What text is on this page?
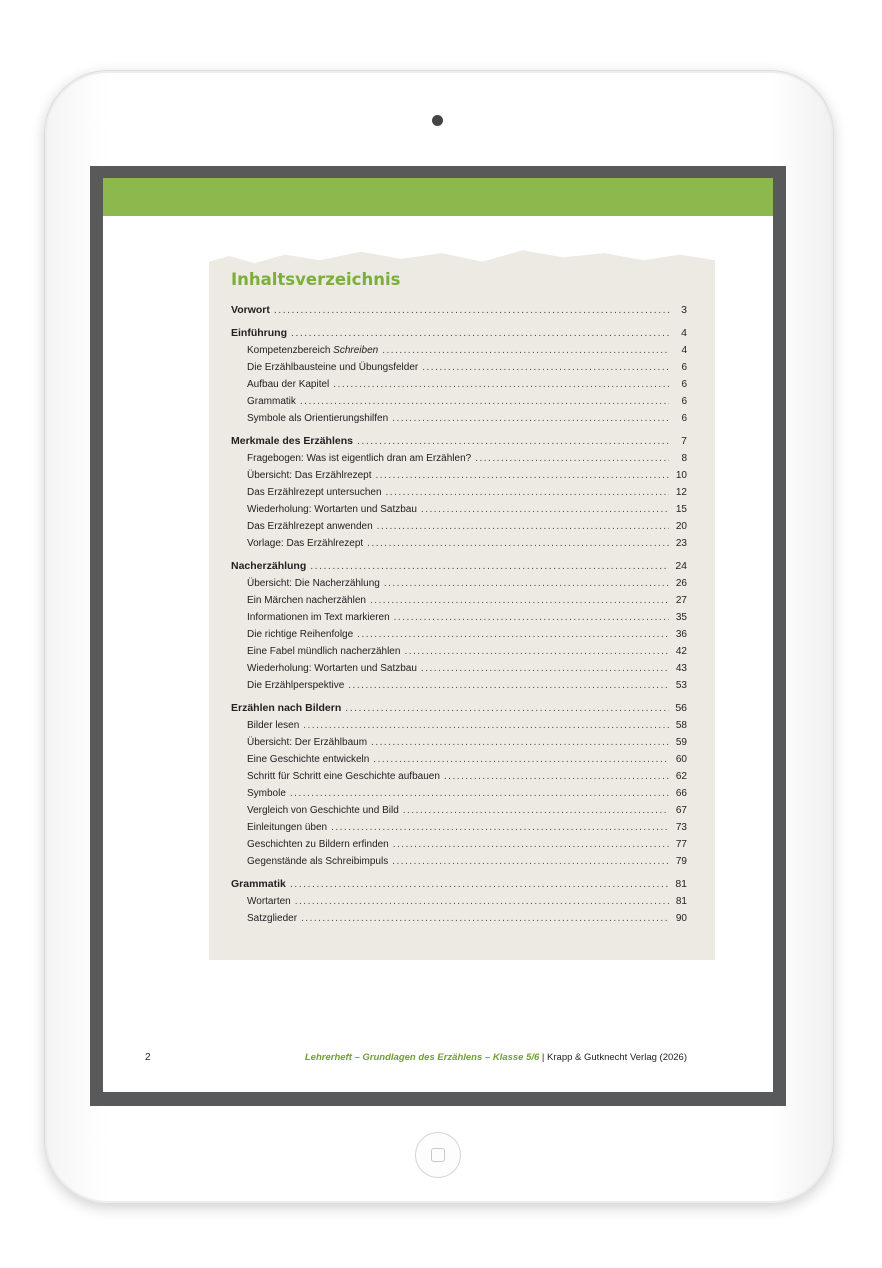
Inhaltsverzeichnis
Vorwort .....	3
Einführung .....	4
Kompetenzbereich Schreiben .....	4
Die Erzählbausteine und Übungsfelder .....	6
Aufbau der Kapitel .....	6
Grammatik .....	6
Symbole als Orientierungshilfen .....	6
Merkmale des Erzählens .....	7
Fragebogen: Was ist eigentlich dran am Erzählen? .....	8
Übersicht: Das Erzählrezept .....	10
Das Erzählrezept untersuchen .....	12
Wiederholung: Wortarten und Satzbau .....	15
Das Erzählrezept anwenden .....	20
Vorlage: Das Erzählrezept .....	23
Nacherzählung .....	24
Übersicht: Die Nacherzählung .....	26
Ein Märchen nacherzählen .....	27
Informationen im Text markieren .....	35
Die richtige Reihenfolge .....	36
Eine Fabel mündlich nacherzählen .....	42
Wiederholung: Wortarten und Satzbau .....	43
Die Erzählperspektive .....	53
Erzählen nach Bildern .....	56
Bilder lesen .....	58
Übersicht: Der Erzählbaum .....	59
Eine Geschichte entwickeln .....	60
Schritt für Schritt eine Geschichte aufbauen .....	62
Symbole .....	66
Vergleich von Geschichte und Bild .....	67
Einleitungen üben .....	73
Geschichten zu Bildern erfinden .....	77
Gegenstände als Schreibimpuls .....	79
Grammatik .....	81
Wortarten .....	81
Satzglieder .....	90
2	Lehrerheft – Grundlagen des Erzählens – Klasse 5/6 | Krapp & Gutknecht Verlag (2026)
